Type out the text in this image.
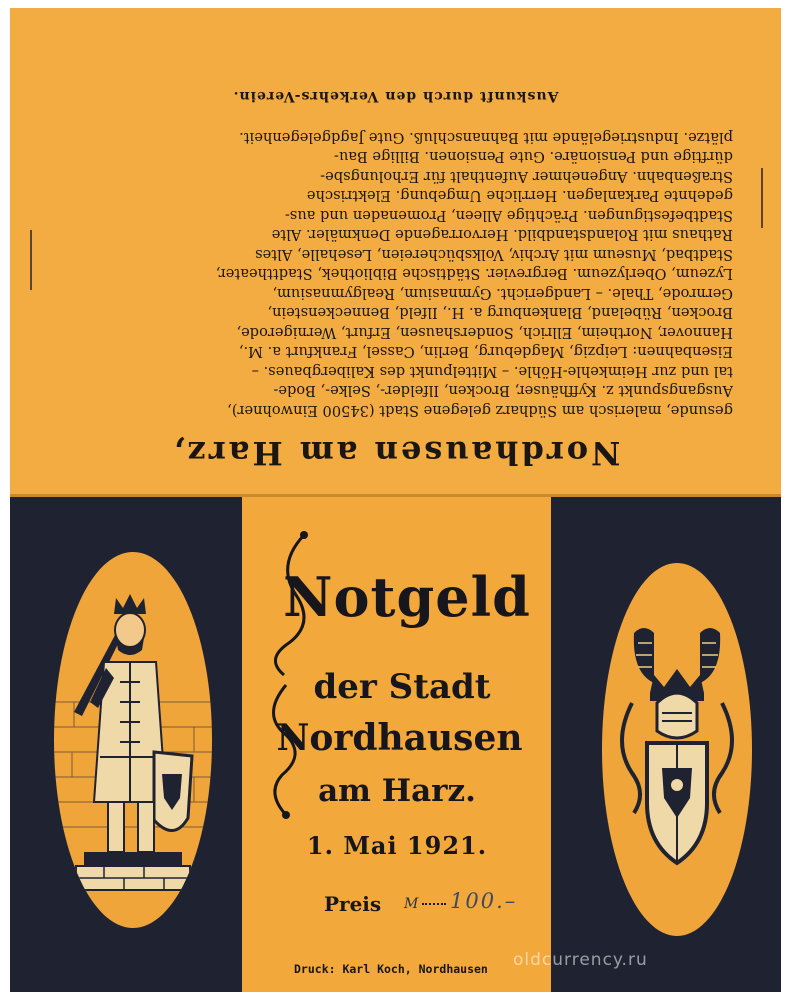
Nordhausen am Harz,

gesunde, malerisch am Südharz gelegene Stadt (34500 Einwohner),

Ausgangspunkt z. Kyffhäuser, Brocken, Ilfelder-, Selke-, Bode-

tal und zur Heimkehle-Höhle. – Mittelpunkt des Kalibergbaues. –

Eisenbahnen: Leipzig, Magdeburg, Berlin, Cassel, Frankfurt a. M.,

Hannover, Northeim, Ellrich, Sondershausen, Erfurt, Wernigerode,

Brocken, Rübeland, Blankenburg a. H., Ilfeld, Benneckenstein,

Gernrode, Thale. – Landgericht. Gymnasium, Realgymnasium,

Lyzeum, Oberlyzeum. Bergrevier. Städtische Bibliothek, Stadttheater,

Stadtbad, Museum mit Archiv, Volksbüchereien, Lesehalle, Altes

Rathaus mit Rolandstandbild. Hervorragende Denkmäler. Alte

Stadtbefestigungen. Prächtige Alleen, Promenaden und aus-

gedehnte Parkanlagen. Herrliche Umgebung. Elektrische

Straßenbahn. Angenehmer Aufenthalt für Erholungsbe-

dürftige und Pensionäre. Gute Pensionen. Billige Bau-

plätze. Industriegelände mit Bahnanschluß. Gute Jagdgelegenheit.

Auskunft durch den Verkehrs-Verein.
Notgeld
der Stadt
Nordhausen
am Harz.
1. Mai 1921.
Preis M 100.–
Druck: Karl Koch, Nordhausen oldcurrency.ru
